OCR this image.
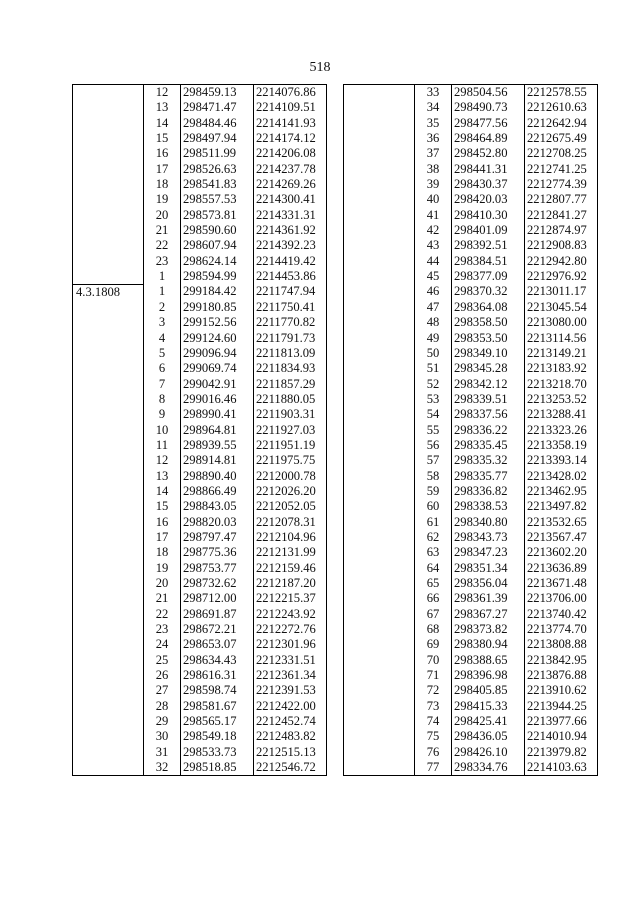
518
	12	298459.13	2214076.86
	13	298471.47	2214109.51
	14	298484.46	2214141.93
	15	298497.94	2214174.12
	16	298511.99	2214206.08
	17	298526.63	2214237.78
	18	298541.83	2214269.26
	19	298557.53	2214300.41
	20	298573.81	2214331.31
	21	298590.60	2214361.92
	22	298607.94	2214392.23
	23	298624.14	2214419.42
	1	298594.99	2214453.86
4.3.1808	1	299184.42	2211747.94
	2	299180.85	2211750.41
	3	299152.56	2211770.82
	4	299124.60	2211791.73
	5	299096.94	2211813.09
	6	299069.74	2211834.93
	7	299042.91	2211857.29
	8	299016.46	2211880.05
	9	298990.41	2211903.31
	10	298964.81	2211927.03
	11	298939.55	2211951.19
	12	298914.81	2211975.75
	13	298890.40	2212000.78
	14	298866.49	2212026.20
	15	298843.05	2212052.05
	16	298820.03	2212078.31
	17	298797.47	2212104.96
	18	298775.36	2212131.99
	19	298753.77	2212159.46
	20	298732.62	2212187.20
	21	298712.00	2212215.37
	22	298691.87	2212243.92
	23	298672.21	2212272.76
	24	298653.07	2212301.96
	25	298634.43	2212331.51
	26	298616.31	2212361.34
	27	298598.74	2212391.53
	28	298581.67	2212422.00
	29	298565.17	2212452.74
	30	298549.18	2212483.82
	31	298533.73	2212515.13
	32	298518.85	2212546.72
	33	298504.56	2212578.55
	34	298490.73	2212610.63
	35	298477.56	2212642.94
	36	298464.89	2212675.49
	37	298452.80	2212708.25
	38	298441.31	2212741.25
	39	298430.37	2212774.39
	40	298420.03	2212807.77
	41	298410.30	2212841.27
	42	298401.09	2212874.97
	43	298392.51	2212908.83
	44	298384.51	2212942.80
	45	298377.09	2212976.92
	46	298370.32	2213011.17
	47	298364.08	2213045.54
	48	298358.50	2213080.00
	49	298353.50	2213114.56
	50	298349.10	2213149.21
	51	298345.28	2213183.92
	52	298342.12	2213218.70
	53	298339.51	2213253.52
	54	298337.56	2213288.41
	55	298336.22	2213323.26
	56	298335.45	2213358.19
	57	298335.32	2213393.14
	58	298335.77	2213428.02
	59	298336.82	2213462.95
	60	298338.53	2213497.82
	61	298340.80	2213532.65
	62	298343.73	2213567.47
	63	298347.23	2213602.20
	64	298351.34	2213636.89
	65	298356.04	2213671.48
	66	298361.39	2213706.00
	67	298367.27	2213740.42
	68	298373.82	2213774.70
	69	298380.94	2213808.88
	70	298388.65	2213842.95
	71	298396.98	2213876.88
	72	298405.85	2213910.62
	73	298415.33	2213944.25
	74	298425.41	2213977.66
	75	298436.05	2214010.94
	76	298426.10	2213979.82
	77	298334.76	2214103.63
